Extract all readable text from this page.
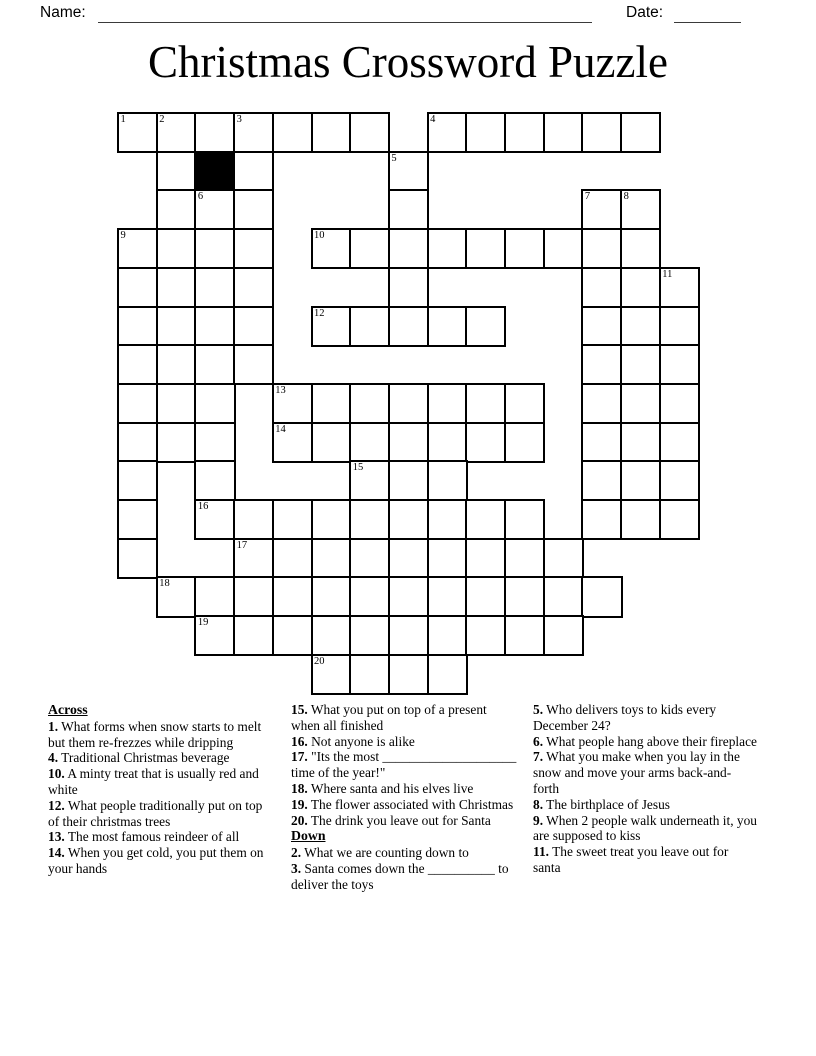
Name:	Date:
Christmas Crossword Puzzle
1	2	3	4
5
6	7	8
9	10
11
12
13
14
15
16
17
18
19
20
Across
1. What forms when snow starts to melt but them re-frezzes while dripping
4. Traditional Christmas beverage
10. A minty treat that is usually red and white
12. What people traditionally put on top of their christmas trees
13. The most famous reindeer of all
14. When you get cold, you put them on your hands
15. What you put on top of a present when all finished
16. Not anyone is alike
17. "Its the most ____________________ time of the year!"
18. Where santa and his elves live
19. The flower associated with Christmas
20. The drink you leave out for Santa
Down
2. What we are counting down to
3. Santa comes down the __________ to deliver the toys
5. Who delivers toys to kids every December 24?
6. What people hang above their fireplace
7. What you make when you lay in the snow and move your arms back-and-forth
8. The birthplace of Jesus
9. When 2 people walk underneath it, you are supposed to kiss
11. The sweet treat you leave out for santa
